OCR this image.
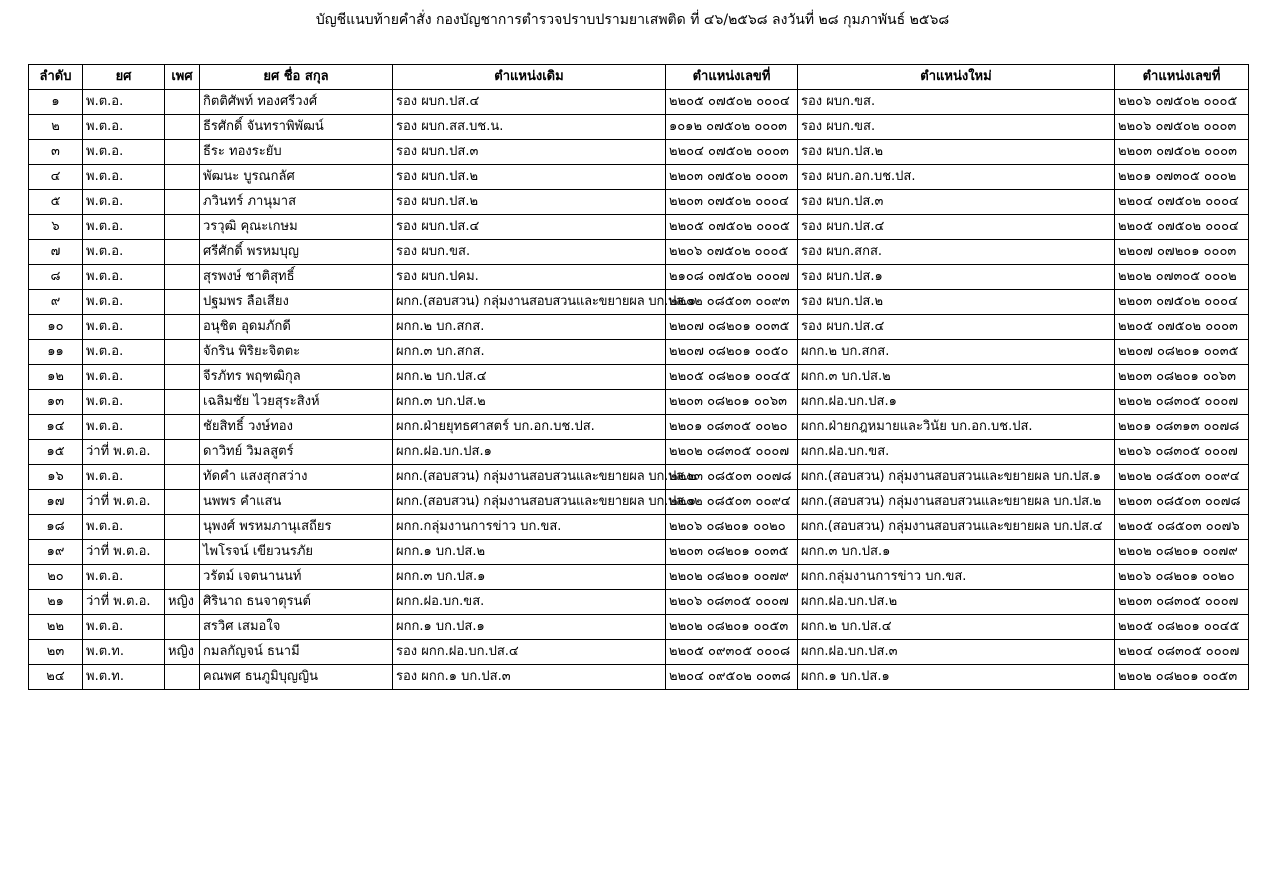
บัญชีแนบท้ายคำสั่ง กองบัญชาการตำรวจปราบปรามยาเสพติด ที่ ๔๖/๒๕๖๘ ลงวันที่ ๒๘ กุมภาพันธ์ ๒๕๖๘
ลำดับ	ยศ	เพศ	ยศ ชื่อ สกุล	ตำแหน่งเดิม	ตำแหน่งเลขที่	ตำแหน่งใหม่	ตำแหน่งเลขที่
๑	พ.ต.อ.		กิตติศัพท์ ทองศรีวงศ์	รอง ผบก.ปส.๔	๒๒๐๕ ๐๗๕๐๒ ๐๐๐๔	รอง ผบก.ขส.	๒๒๐๖ ๐๗๕๐๒ ๐๐๐๕
๒	พ.ต.อ.		ธีรศักดิ์ จันทราพิพัฒน์	รอง ผบก.สส.บช.น.	๑๐๑๒ ๐๗๕๐๒ ๐๐๐๓	รอง ผบก.ขส.	๒๒๐๖ ๐๗๕๐๒ ๐๐๐๓
๓	พ.ต.อ.		ธีระ ทองระยับ	รอง ผบก.ปส.๓	๒๒๐๔ ๐๗๕๐๒ ๐๐๐๓	รอง ผบก.ปส.๒	๒๒๐๓ ๐๗๕๐๒ ๐๐๐๓
๔	พ.ต.อ.		พัฒนะ บูรณกลัศ	รอง ผบก.ปส.๒	๒๒๐๓ ๐๗๕๐๒ ๐๐๐๓	รอง ผบก.อก.บช.ปส.	๒๒๐๑ ๐๗๓๐๕ ๐๐๐๒
๕	พ.ต.อ.		ภวินทร์ ภานุมาส	รอง ผบก.ปส.๒	๒๒๐๓ ๐๗๕๐๒ ๐๐๐๔	รอง ผบก.ปส.๓	๒๒๐๔ ๐๗๕๐๒ ๐๐๐๔
๖	พ.ต.อ.		วรวุฒิ คุณะเกษม	รอง ผบก.ปส.๔	๒๒๐๕ ๐๗๕๐๒ ๐๐๐๕	รอง ผบก.ปส.๔	๒๒๐๕ ๐๗๕๐๒ ๐๐๐๔
๗	พ.ต.อ.		ศรีศักดิ์ พรหมบุญ	รอง ผบก.ขส.	๒๒๐๖ ๐๗๕๐๒ ๐๐๐๕	รอง ผบก.สกส.	๒๒๐๗ ๐๗๒๐๑ ๐๐๐๓
๘	พ.ต.อ.		สุรพงษ์ ชาติสุทธิ์	รอง ผบก.ปคม.	๒๑๐๘ ๐๗๕๐๒ ๐๐๐๗	รอง ผบก.ปส.๑	๒๒๐๒ ๐๗๓๐๕ ๐๐๐๒
๙	พ.ต.อ.		ปฐมพร ลือเสียง	ผกก.(สอบสวน) กลุ่มงานสอบสวนและขยายผล บก.ปส.๑	๒๒๐๒ ๐๘๕๐๓ ๐๐๙๓	รอง ผบก.ปส.๒	๒๒๐๓ ๐๗๕๐๒ ๐๐๐๔
๑๐	พ.ต.อ.		อนุชิต อุดมภักดี	ผกก.๒ บก.สกส.	๒๒๐๗ ๐๘๒๐๑ ๐๐๓๕	รอง ผบก.ปส.๔	๒๒๐๕ ๐๗๕๐๒ ๐๐๐๓
๑๑	พ.ต.อ.		จักริน พิริยะจิตตะ	ผกก.๓ บก.สกส.	๒๒๐๗ ๐๘๒๐๑ ๐๐๕๐	ผกก.๒ บก.สกส.	๒๒๐๗ ๐๘๒๐๑ ๐๐๓๕
๑๒	พ.ต.อ.		จีรภัทร พฤฑฒิกุล	ผกก.๒ บก.ปส.๔	๒๒๐๕ ๐๘๒๐๑ ๐๐๔๕	ผกก.๓ บก.ปส.๒	๒๒๐๓ ๐๘๒๐๑ ๐๐๖๓
๑๓	พ.ต.อ.		เฉลิมชัย ไวยสุระสิงห์	ผกก.๓ บก.ปส.๒	๒๒๐๓ ๐๘๒๐๑ ๐๐๖๓	ผกก.ฝอ.บก.ปส.๑	๒๒๐๒ ๐๘๓๐๕ ๐๐๐๗
๑๔	พ.ต.อ.		ชัยสิทธิ์ วงษ์ทอง	ผกก.ฝ่ายยุทธศาสตร์ บก.อก.บช.ปส.	๒๒๐๑ ๐๘๓๐๕ ๐๐๒๐	ผกก.ฝ่ายกฎหมายและวินัย บก.อก.บช.ปส.	๒๒๐๑ ๐๘๓๑๓ ๐๐๗๘
๑๕	ว่าที่ พ.ต.อ.		ดาวิทย์ วิมลสูตร์	ผกก.ฝอ.บก.ปส.๑	๒๒๐๒ ๐๘๓๐๕ ๐๐๐๗	ผกก.ฝอ.บก.ขส.	๒๒๐๖ ๐๘๓๐๕ ๐๐๐๗
๑๖	พ.ต.อ.		ทัดคำ แสงสุกสว่าง	ผกก.(สอบสวน) กลุ่มงานสอบสวนและขยายผล บก.ปส.๒	๒๒๐๓ ๐๘๕๐๓ ๐๐๗๘	ผกก.(สอบสวน) กลุ่มงานสอบสวนและขยายผล บก.ปส.๑	๒๒๐๒ ๐๘๕๐๓ ๐๐๙๔
๑๗	ว่าที่ พ.ต.อ.		นพพร คำแสน	ผกก.(สอบสวน) กลุ่มงานสอบสวนและขยายผล บก.ปส.๑	๒๒๐๒ ๐๘๕๐๓ ๐๐๙๔	ผกก.(สอบสวน) กลุ่มงานสอบสวนและขยายผล บก.ปส.๒	๒๒๐๓ ๐๘๕๐๓ ๐๐๗๘
๑๘	พ.ต.อ.		นุพงศ์ พรหมภานุเสถียร	ผกก.กลุ่มงานการข่าว บก.ขส.	๒๒๐๖ ๐๘๒๐๑ ๐๐๒๐	ผกก.(สอบสวน) กลุ่มงานสอบสวนและขยายผล บก.ปส.๔	๒๒๐๕ ๐๘๕๐๓ ๐๐๗๖
๑๙	ว่าที่ พ.ต.อ.		ไพโรจน์ เขียวนรภัย	ผกก.๑ บก.ปส.๒	๒๒๐๓ ๐๘๒๐๑ ๐๐๓๕	ผกก.๓ บก.ปส.๑	๒๒๐๒ ๐๘๒๐๑ ๐๐๗๙
๒๐	พ.ต.อ.		วรัตม์ เจตนานนท์	ผกก.๓ บก.ปส.๑	๒๒๐๒ ๐๘๒๐๑ ๐๐๗๙	ผกก.กลุ่มงานการข่าว บก.ขส.	๒๒๐๖ ๐๘๒๐๑ ๐๐๒๐
๒๑	ว่าที่ พ.ต.อ.	หญิง	ศิรินาถ ธนจาตุรนต์	ผกก.ฝอ.บก.ขส.	๒๒๐๖ ๐๘๓๐๕ ๐๐๐๗	ผกก.ฝอ.บก.ปส.๒	๒๒๐๓ ๐๘๓๐๕ ๐๐๐๗
๒๒	พ.ต.อ.		สรวิศ เสมอใจ	ผกก.๑ บก.ปส.๑	๒๒๐๒ ๐๘๒๐๑ ๐๐๕๓	ผกก.๒ บก.ปส.๔	๒๒๐๕ ๐๘๒๐๑ ๐๐๔๕
๒๓	พ.ต.ท.	หญิง	กมลกัญจน์ ธนามี	รอง ผกก.ฝอ.บก.ปส.๔	๒๒๐๕ ๐๙๓๐๕ ๐๐๐๘	ผกก.ฝอ.บก.ปส.๓	๒๒๐๔ ๐๘๓๐๕ ๐๐๐๗
๒๔	พ.ต.ท.		คณพศ ธนภูมิบุญญิน	รอง ผกก.๑ บก.ปส.๓	๒๒๐๔ ๐๙๕๐๒ ๐๐๓๘	ผกก.๑ บก.ปส.๑	๒๒๐๒ ๐๘๒๐๑ ๐๐๕๓
